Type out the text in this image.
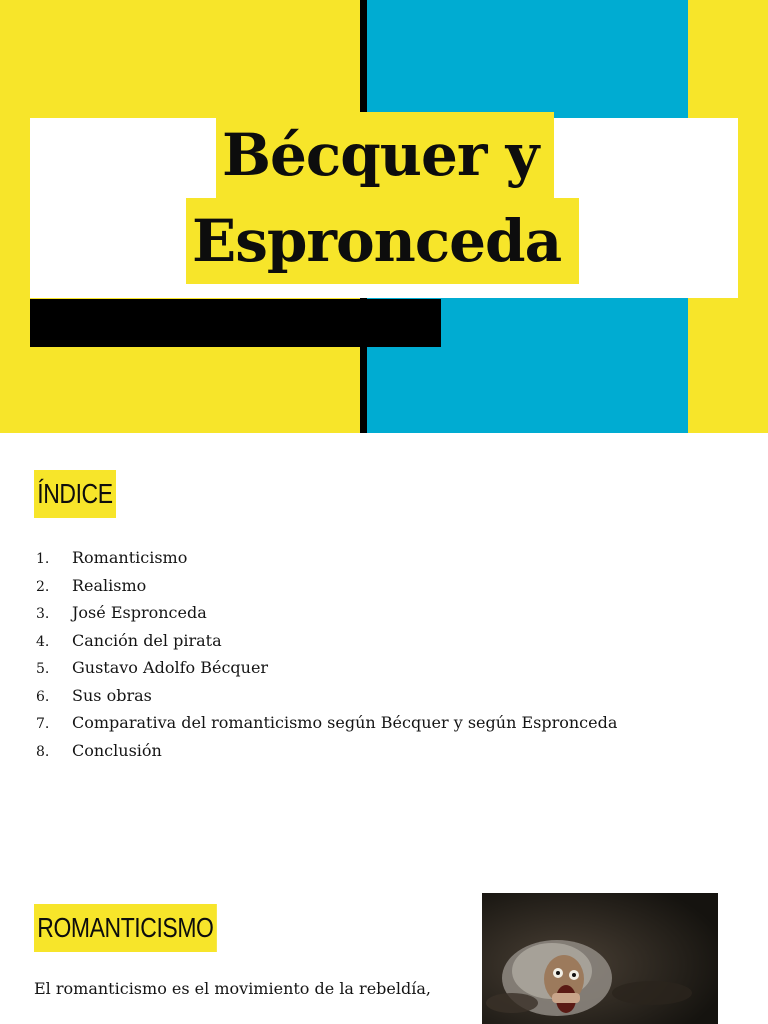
Bécquer y
Espronceda
ÍNDICE
1. Romanticismo
2. Realismo
3. José Espronceda
4. Canción del pirata
5. Gustavo Adolfo Bécquer
6. Sus obras
7. Comparativa del romanticismo según Bécquer y según Espronceda
8. Conclusión
ROMANTICISMO
El romanticismo es el movimiento de la rebeldía,
